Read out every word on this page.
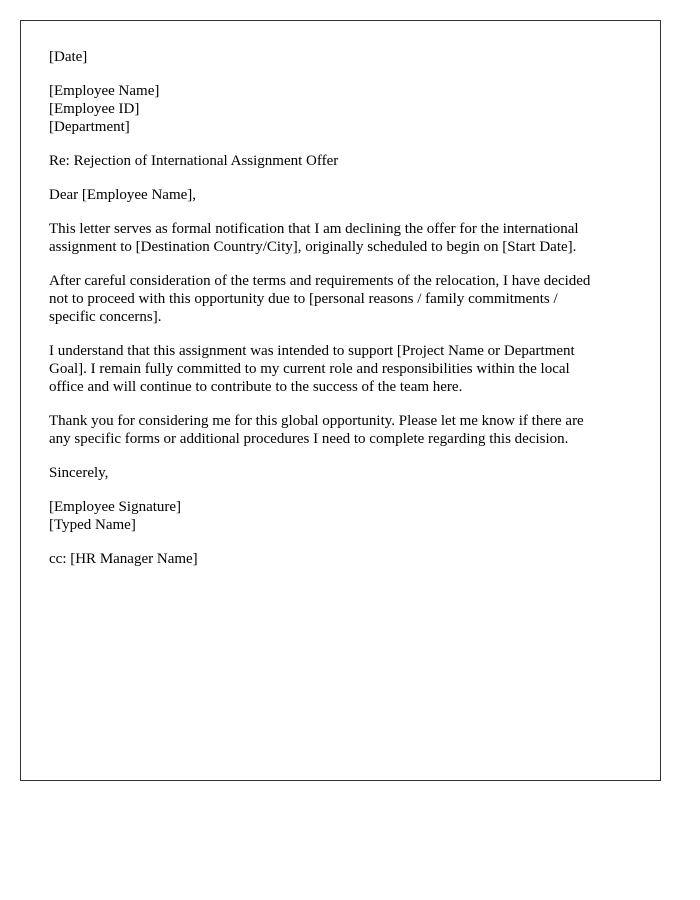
[Date]

[Employee Name]
[Employee ID]
[Department]

Re: Rejection of International Assignment Offer

Dear [Employee Name],

This letter serves as formal notification that I am declining the offer for the international
assignment to [Destination Country/City], originally scheduled to begin on [Start Date].

After careful consideration of the terms and requirements of the relocation, I have decided
not to proceed with this opportunity due to [personal reasons / family commitments /
specific concerns].

I understand that this assignment was intended to support [Project Name or Department
Goal]. I remain fully committed to my current role and responsibilities within the local
office and will continue to contribute to the success of the team here.

Thank you for considering me for this global opportunity. Please let me know if there are
any specific forms or additional procedures I need to complete regarding this decision.

Sincerely,

[Employee Signature]
[Typed Name]

cc: [HR Manager Name]
